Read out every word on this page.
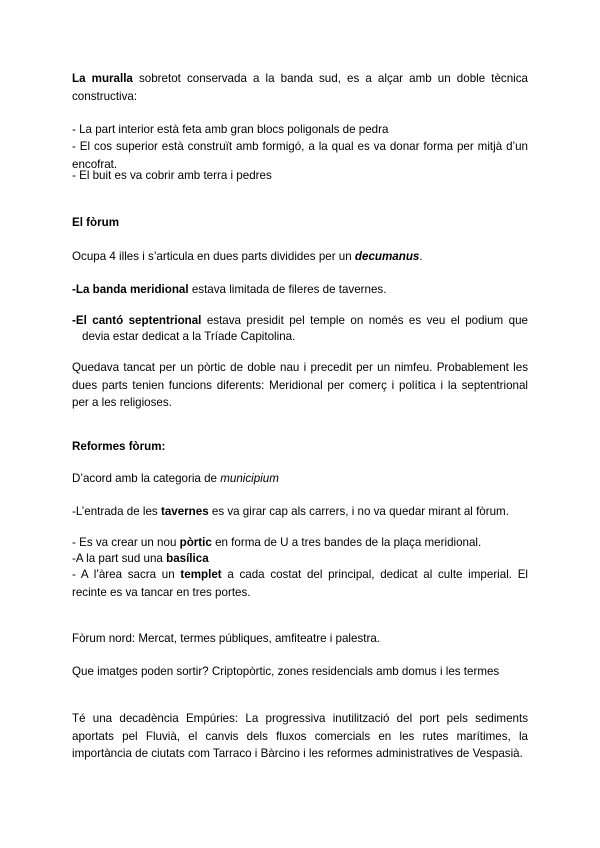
La muralla sobretot conservada a la banda sud, es a alçar amb un doble tècnica constructiva:

- La part interior està feta amb gran blocs poligonals de pedra

- El cos superior està construït amb formigó, a la qual es va donar forma per mitjà d’un encofrat.

- El buit es va cobrir amb terra i pedres

El fòrum

Ocupa 4 illes i s’articula en dues parts dividides per un decumanus.

-La banda meridional estava limitada de fileres de tavernes.

-El cantó septentrional estava presidit pel temple on només es veu el podium que

devia estar dedicat a la Tríade Capitolina.

Quedava tancat per un pòrtic de doble nau i precedit per un nimfeu. Probablement les dues parts tenien funcions diferents: Meridional per comerç i política i la septentrional per a les religioses.

Reformes fòrum:

D’acord amb la categoria de municipium

-L’entrada de les tavernes es va girar cap als carrers, i no va quedar mirant al fòrum.

- Es va crear un nou pòrtic en forma de U a tres bandes de la plaça meridional.

-A la part sud una basílica

- A l’àrea sacra un templet a cada costat del principal, dedicat al culte imperial. El recinte es va tancar en tres portes.

Fòrum nord: Mercat, termes públiques, amfiteatre i palestra.

Que imatges poden sortir? Criptopòrtic, zones residencials amb domus i les termes

Té una decadència Empúries: La progressiva inutilització del port pels sediments aportats pel Fluvià, el canvis dels fluxos comercials en les rutes marítimes, la importància de ciutats com Tarraco i Bàrcino i les reformes administratives de Vespasià.
